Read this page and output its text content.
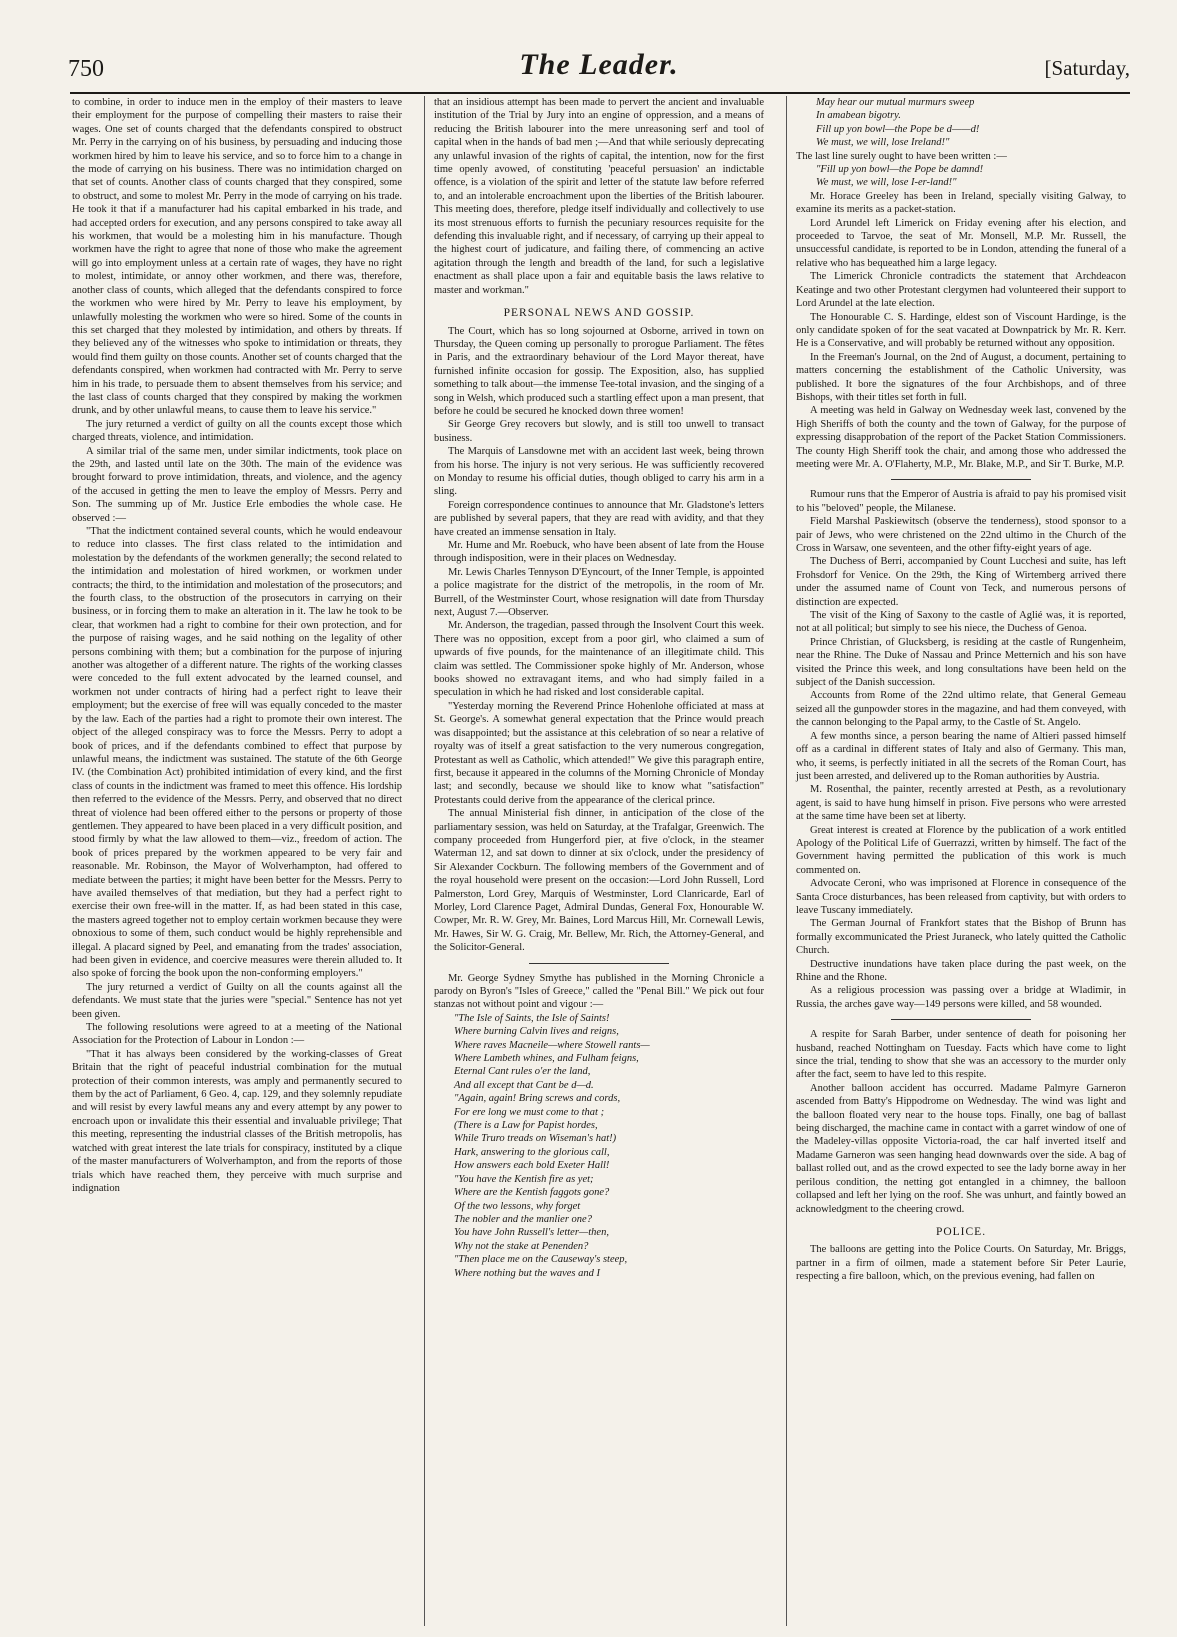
750	The Leader.	[Saturday,

to combine, in order to induce men in the employ of their masters to leave their employment for the purpose of compelling their masters to raise their wages. One set of counts charged that the defendants conspired to obstruct Mr. Perry in the carrying on of his business, by persuading and inducing those workmen hired by him to leave his service, and so to force him to a change in the mode of carrying on his business. There was no intimidation charged on that set of counts. Another class of counts charged that they conspired, some to obstruct, and some to molest Mr. Perry in the mode of carrying on his trade. He took it that if a manufacturer had his capital embarked in his trade, and had accepted orders for execution, and any persons conspired to take away all his workmen, that would be a molesting him in his manufacture. Though workmen have the right to agree that none of those who make the agreement will go into employment unless at a certain rate of wages, they have no right to molest, intimidate, or annoy other workmen, and there was, therefore, another class of counts, which alleged that the defendants conspired to force the workmen who were hired by Mr. Perry to leave his employment, by unlawfully molesting the workmen who were so hired. Some of the counts in this set charged that they molested by intimidation, and others by threats. If they believed any of the witnesses who spoke to intimidation or threats, they would find them guilty on those counts. Another set of counts charged that the defendants conspired, when workmen had contracted with Mr. Perry to serve him in his trade, to persuade them to absent themselves from his service; and the last class of counts charged that they conspired by making the workmen drunk, and by other unlawful means, to cause them to leave his service."

The jury returned a verdict of guilty on all the counts except those which charged threats, violence, and intimidation.

A similar trial of the same men, under similar indictments, took place on the 29th, and lasted until late on the 30th. The main of the evidence was brought forward to prove intimidation, threats, and violence, and the agency of the accused in getting the men to leave the employ of Messrs. Perry and Son. The summing up of Mr. Justice Erle embodies the whole case. He observed :—

"That the indictment contained several counts, which he would endeavour to reduce into classes. The first class related to the intimidation and molestation by the defendants of the workmen generally; the second related to the intimidation and molestation of hired workmen, or workmen under contracts; the third, to the intimidation and molestation of the prosecutors; and the fourth class, to the obstruction of the prosecutors in carrying on their business, or in forcing them to make an alteration in it. The law he took to be clear, that workmen had a right to combine for their own protection, and for the purpose of raising wages, and he said nothing on the legality of other persons combining with them; but a combination for the purpose of injuring another was altogether of a different nature. The rights of the working classes were conceded to the full extent advocated by the learned counsel, and workmen not under contracts of hiring had a perfect right to leave their employment; but the exercise of free will was equally conceded to the master by the law. Each of the parties had a right to promote their own interest. The object of the alleged conspiracy was to force the Messrs. Perry to adopt a book of prices, and if the defendants combined to effect that purpose by unlawful means, the indictment was sustained. The statute of the 6th George IV. (the Combination Act) prohibited intimidation of every kind, and the first class of counts in the indictment was framed to meet this offence. His lordship then referred to the evidence of the Messrs. Perry, and observed that no direct threat of violence had been offered either to the persons or property of those gentlemen. They appeared to have been placed in a very difficult position, and stood firmly by what the law allowed to them—viz., freedom of action. The book of prices prepared by the workmen appeared to be very fair and reasonable. Mr. Robinson, the Mayor of Wolverhampton, had offered to mediate between the parties; it might have been better for the Messrs. Perry to have availed themselves of that mediation, but they had a perfect right to exercise their own free-will in the matter. If, as had been stated in this case, the masters agreed together not to employ certain workmen because they were obnoxious to some of them, such conduct would be highly reprehensible and illegal. A placard signed by Peel, and emanating from the trades' association, had been given in evidence, and coercive measures were therein alluded to. It also spoke of forcing the book upon the non-conforming employers."

The jury returned a verdict of Guilty on all the counts against all the defendants. We must state that the juries were "special." Sentence has not yet been given.

The following resolutions were agreed to at a meeting of the National Association for the Protection of Labour in London :—

"That it has always been considered by the working-classes of Great Britain that the right of peaceful industrial combination for the mutual protection of their common interests, was amply and permanently secured to them by the act of Parliament, 6 Geo. 4, cap. 129, and they solemnly repudiate and will resist by every lawful means any and every attempt by any power to encroach upon or invalidate this their essential and invaluable privilege; That this meeting, representing the industrial classes of the British metropolis, has watched with great interest the late trials for conspiracy, instituted by a clique of the master manufacturers of Wolverhampton, and from the reports of those trials which have reached them, they perceive with much surprise and indignation

that an insidious attempt has been made to pervert the ancient and invaluable institution of the Trial by Jury into an engine of oppression, and a means of reducing the British labourer into the mere unreasoning serf and tool of capital when in the hands of bad men ;—And that while seriously deprecating any unlawful invasion of the rights of capital, the intention, now for the first time openly avowed, of constituting 'peaceful persuasion' an indictable offence, is a violation of the spirit and letter of the statute law before referred to, and an intolerable encroachment upon the liberties of the British labourer. This meeting does, therefore, pledge itself individually and collectively to use its most strenuous efforts to furnish the pecuniary resources requisite for the defending this invaluable right, and if necessary, of carrying up their appeal to the highest court of judicature, and failing there, of commencing an active agitation through the length and breadth of the land, for such a legislative enactment as shall place upon a fair and equitable basis the laws relative to master and workman."

PERSONAL NEWS AND GOSSIP.

The Court, which has so long sojourned at Osborne, arrived in town on Thursday, the Queen coming up personally to prorogue Parliament. The fêtes in Paris, and the extraordinary behaviour of the Lord Mayor thereat, have furnished infinite occasion for gossip. The Exposition, also, has supplied something to talk about—the immense Tee-total invasion, and the singing of a song in Welsh, which produced such a startling effect upon a man present, that before he could be secured he knocked down three women!

Sir George Grey recovers but slowly, and is still too unwell to transact business.

The Marquis of Lansdowne met with an accident last week, being thrown from his horse. The injury is not very serious. He was sufficiently recovered on Monday to resume his official duties, though obliged to carry his arm in a sling.

Foreign correspondence continues to announce that Mr. Gladstone's letters are published by several papers, that they are read with avidity, and that they have created an immense sensation in Italy.

Mr. Hume and Mr. Roebuck, who have been absent of late from the House through indisposition, were in their places on Wednesday.

Mr. Lewis Charles Tennyson D'Eyncourt, of the Inner Temple, is appointed a police magistrate for the district of the metropolis, in the room of Mr. Burrell, of the Westminster Court, whose resignation will date from Thursday next, August 7.—Observer.

Mr. Anderson, the tragedian, passed through the Insolvent Court this week. There was no opposition, except from a poor girl, who claimed a sum of upwards of five pounds, for the maintenance of an illegitimate child. This claim was settled. The Commissioner spoke highly of Mr. Anderson, whose books showed no extravagant items, and who had simply failed in a speculation in which he had risked and lost considerable capital.

"Yesterday morning the Reverend Prince Hohenlohe officiated at mass at St. George's. A somewhat general expectation that the Prince would preach was disappointed; but the assistance at this celebration of so near a relative of royalty was of itself a great satisfaction to the very numerous congregation, Protestant as well as Catholic, which attended!" We give this paragraph entire, first, because it appeared in the columns of the Morning Chronicle of Monday last; and secondly, because we should like to know what "satisfaction" Protestants could derive from the appearance of the clerical prince.

The annual Ministerial fish dinner, in anticipation of the close of the parliamentary session, was held on Saturday, at the Trafalgar, Greenwich. The company proceeded from Hungerford pier, at five o'clock, in the steamer Waterman 12, and sat down to dinner at six o'clock, under the presidency of Sir Alexander Cockburn. The following members of the Government and of the royal household were present on the occasion:—Lord John Russell, Lord Palmerston, Lord Grey, Marquis of Westminster, Lord Clanricarde, Earl of Morley, Lord Clarence Paget, Admiral Dundas, General Fox, Honourable W. Cowper, Mr. R. W. Grey, Mr. Baines, Lord Marcus Hill, Mr. Cornewall Lewis, Mr. Hawes, Sir W. G. Craig, Mr. Bellew, Mr. Rich, the Attorney-General, and the Solicitor-General.

Mr. George Sydney Smythe has published in the Morning Chronicle a parody on Byron's "Isles of Greece," called the "Penal Bill." We pick out four stanzas not without point and vigour :—

"The Isle of Saints, the Isle of Saints!
Where burning Calvin lives and reigns,
Where raves Macneile—where Stowell rants—
Where Lambeth whines, and Fulham feigns,
Eternal Cant rules o'er the land,
And all except that Cant be d—d.
"Again, again! Bring screws and cords,
For ere long we must come to that ;
(There is a Law for Papist hordes,
While Truro treads on Wiseman's hat!)
Hark, answering to the glorious call,
How answers each bold Exeter Hall!
"You have the Kentish fire as yet;
Where are the Kentish faggots gone?
Of the two lessons, why forget
The nobler and the manlier one?
You have John Russell's letter—then,
Why not the stake at Penenden?
"Then place me on the Causeway's steep,
Where nothing but the waves and I
May hear our mutual murmurs sweep
In amabean bigotry.
Fill up yon bowl—the Pope be d——d!
We must, we will, lose Ireland!"

The last line surely ought to have been written :—

"Fill up yon bowl—the Pope be damnd!
We must, we will, lose I-er-land!"

Mr. Horace Greeley has been in Ireland, specially visiting Galway, to examine its merits as a packet-station.

Lord Arundel left Limerick on Friday evening after his election, and proceeded to Tarvoe, the seat of Mr. Monsell, M.P. Mr. Russell, the unsuccessful candidate, is reported to be in London, attending the funeral of a relative who has bequeathed him a large legacy.

The Limerick Chronicle contradicts the statement that Archdeacon Keatinge and two other Protestant clergymen had volunteered their support to Lord Arundel at the late election.

The Honourable C. S. Hardinge, eldest son of Viscount Hardinge, is the only candidate spoken of for the seat vacated at Downpatrick by Mr. R. Kerr. He is a Conservative, and will probably be returned without any opposition.

In the Freeman's Journal, on the 2nd of August, a document, pertaining to matters concerning the establishment of the Catholic University, was published. It bore the signatures of the four Archbishops, and of three Bishops, with their titles set forth in full.

A meeting was held in Galway on Wednesday week last, convened by the High Sheriffs of both the county and the town of Galway, for the purpose of expressing disapprobation of the report of the Packet Station Commissioners. The county High Sheriff took the chair, and among those who addressed the meeting were Mr. A. O'Flaherty, M.P., Mr. Blake, M.P., and Sir T. Burke, M.P.

Rumour runs that the Emperor of Austria is afraid to pay his promised visit to his "beloved" people, the Milanese.

Field Marshal Paskiewitsch (observe the tenderness), stood sponsor to a pair of Jews, who were christened on the 22nd ultimo in the Church of the Cross in Warsaw, one seventeen, and the other fifty-eight years of age.

The Duchess of Berri, accompanied by Count Lucchesi and suite, has left Frohsdorf for Venice. On the 29th, the King of Wirtemberg arrived there under the assumed name of Count von Teck, and numerous persons of distinction are expected.

The visit of the King of Saxony to the castle of Aglié was, it is reported, not at all political; but simply to see his niece, the Duchess of Genoa.

Prince Christian, of Glucksberg, is residing at the castle of Rungenheim, near the Rhine. The Duke of Nassau and Prince Metternich and his son have visited the Prince this week, and long consultations have been held on the subject of the Danish succession.

Accounts from Rome of the 22nd ultimo relate, that General Gemeau seized all the gunpowder stores in the magazine, and had them conveyed, with the cannon belonging to the Papal army, to the Castle of St. Angelo.

A few months since, a person bearing the name of Altieri passed himself off as a cardinal in different states of Italy and also of Germany. This man, who, it seems, is perfectly initiated in all the secrets of the Roman Court, has just been arrested, and delivered up to the Roman authorities by Austria.

M. Rosenthal, the painter, recently arrested at Pesth, as a revolutionary agent, is said to have hung himself in prison. Five persons who were arrested at the same time have been set at liberty.

Great interest is created at Florence by the publication of a work entitled Apology of the Political Life of Guerrazzi, written by himself. The fact of the Government having permitted the publication of this work is much commented on.

Advocate Ceroni, who was imprisoned at Florence in consequence of the Santa Croce disturbances, has been released from captivity, but with orders to leave Tuscany immediately.

The German Journal of Frankfort states that the Bishop of Brunn has formally excommunicated the Priest Juraneck, who lately quitted the Catholic Church.

Destructive inundations have taken place during the past week, on the Rhine and the Rhone.

As a religious procession was passing over a bridge at Wladimir, in Russia, the arches gave way—149 persons were killed, and 58 wounded.

A respite for Sarah Barber, under sentence of death for poisoning her husband, reached Nottingham on Tuesday. Facts which have come to light since the trial, tending to show that she was an accessory to the murder only after the fact, seem to have led to this respite.

Another balloon accident has occurred. Madame Palmyre Garneron ascended from Batty's Hippodrome on Wednesday. The wind was light and the balloon floated very near to the house tops. Finally, one bag of ballast being discharged, the machine came in contact with a garret window of one of the Madeley-villas opposite Victoria-road, the car half inverted itself and Madame Garneron was seen hanging head downwards over the side. A bag of ballast rolled out, and as the crowd expected to see the lady borne away in her perilous condition, the netting got entangled in a chimney, the balloon collapsed and left her lying on the roof. She was unhurt, and faintly bowed an acknowledgment to the cheering crowd.

POLICE.

The balloons are getting into the Police Courts. On Saturday, Mr. Briggs, partner in a firm of oilmen, made a statement before Sir Peter Laurie, respecting a fire balloon, which, on the previous evening, had fallen on
